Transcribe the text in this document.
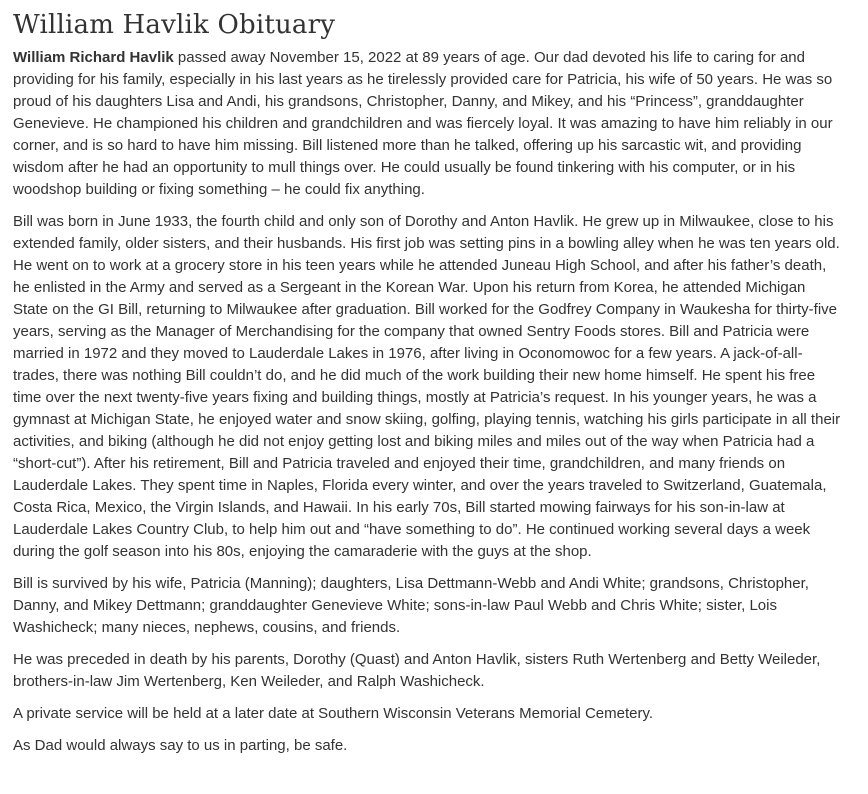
William Havlik Obituary

William Richard Havlik passed away November 15, 2022 at 89 years of age. Our dad devoted his life to caring for and providing for his family, especially in his last years as he tirelessly provided care for Patricia, his wife of 50 years. He was so proud of his daughters Lisa and Andi, his grandsons, Christopher, Danny, and Mikey, and his “Princess”, granddaughter Genevieve. He championed his children and grandchildren and was fiercely loyal. It was amazing to have him reliably in our corner, and is so hard to have him missing. Bill listened more than he talked, offering up his sarcastic wit, and providing wisdom after he had an opportunity to mull things over. He could usually be found tinkering with his computer, or in his woodshop building or fixing something – he could fix anything.

Bill was born in June 1933, the fourth child and only son of Dorothy and Anton Havlik. He grew up in Milwaukee, close to his extended family, older sisters, and their husbands. His first job was setting pins in a bowling alley when he was ten years old. He went on to work at a grocery store in his teen years while he attended Juneau High School, and after his father’s death, he enlisted in the Army and served as a Sergeant in the Korean War. Upon his return from Korea, he attended Michigan State on the GI Bill, returning to Milwaukee after graduation. Bill worked for the Godfrey Company in Waukesha for thirty-five years, serving as the Manager of Merchandising for the company that owned Sentry Foods stores. Bill and Patricia were married in 1972 and they moved to Lauderdale Lakes in 1976, after living in Oconomowoc for a few years. A jack-of-all-trades, there was nothing Bill couldn’t do, and he did much of the work building their new home himself. He spent his free time over the next twenty-five years fixing and building things, mostly at Patricia’s request. In his younger years, he was a gymnast at Michigan State, he enjoyed water and snow skiing, golfing, playing tennis, watching his girls participate in all their activities, and biking (although he did not enjoy getting lost and biking miles and miles out of the way when Patricia had a “short-cut”). After his retirement, Bill and Patricia traveled and enjoyed their time, grandchildren, and many friends on Lauderdale Lakes. They spent time in Naples, Florida every winter, and over the years traveled to Switzerland, Guatemala, Costa Rica, Mexico, the Virgin Islands, and Hawaii. In his early 70s, Bill started mowing fairways for his son-in-law at Lauderdale Lakes Country Club, to help him out and “have something to do”. He continued working several days a week during the golf season into his 80s, enjoying the camaraderie with the guys at the shop.

Bill is survived by his wife, Patricia (Manning); daughters, Lisa Dettmann-Webb and Andi White; grandsons, Christopher, Danny, and Mikey Dettmann; granddaughter Genevieve White; sons-in-law Paul Webb and Chris White; sister, Lois Washicheck; many nieces, nephews, cousins, and friends.

He was preceded in death by his parents, Dorothy (Quast) and Anton Havlik, sisters Ruth Wertenberg and Betty Weileder, brothers-in-law Jim Wertenberg, Ken Weileder, and Ralph Washicheck.

A private service will be held at a later date at Southern Wisconsin Veterans Memorial Cemetery.

As Dad would always say to us in parting, be safe.
